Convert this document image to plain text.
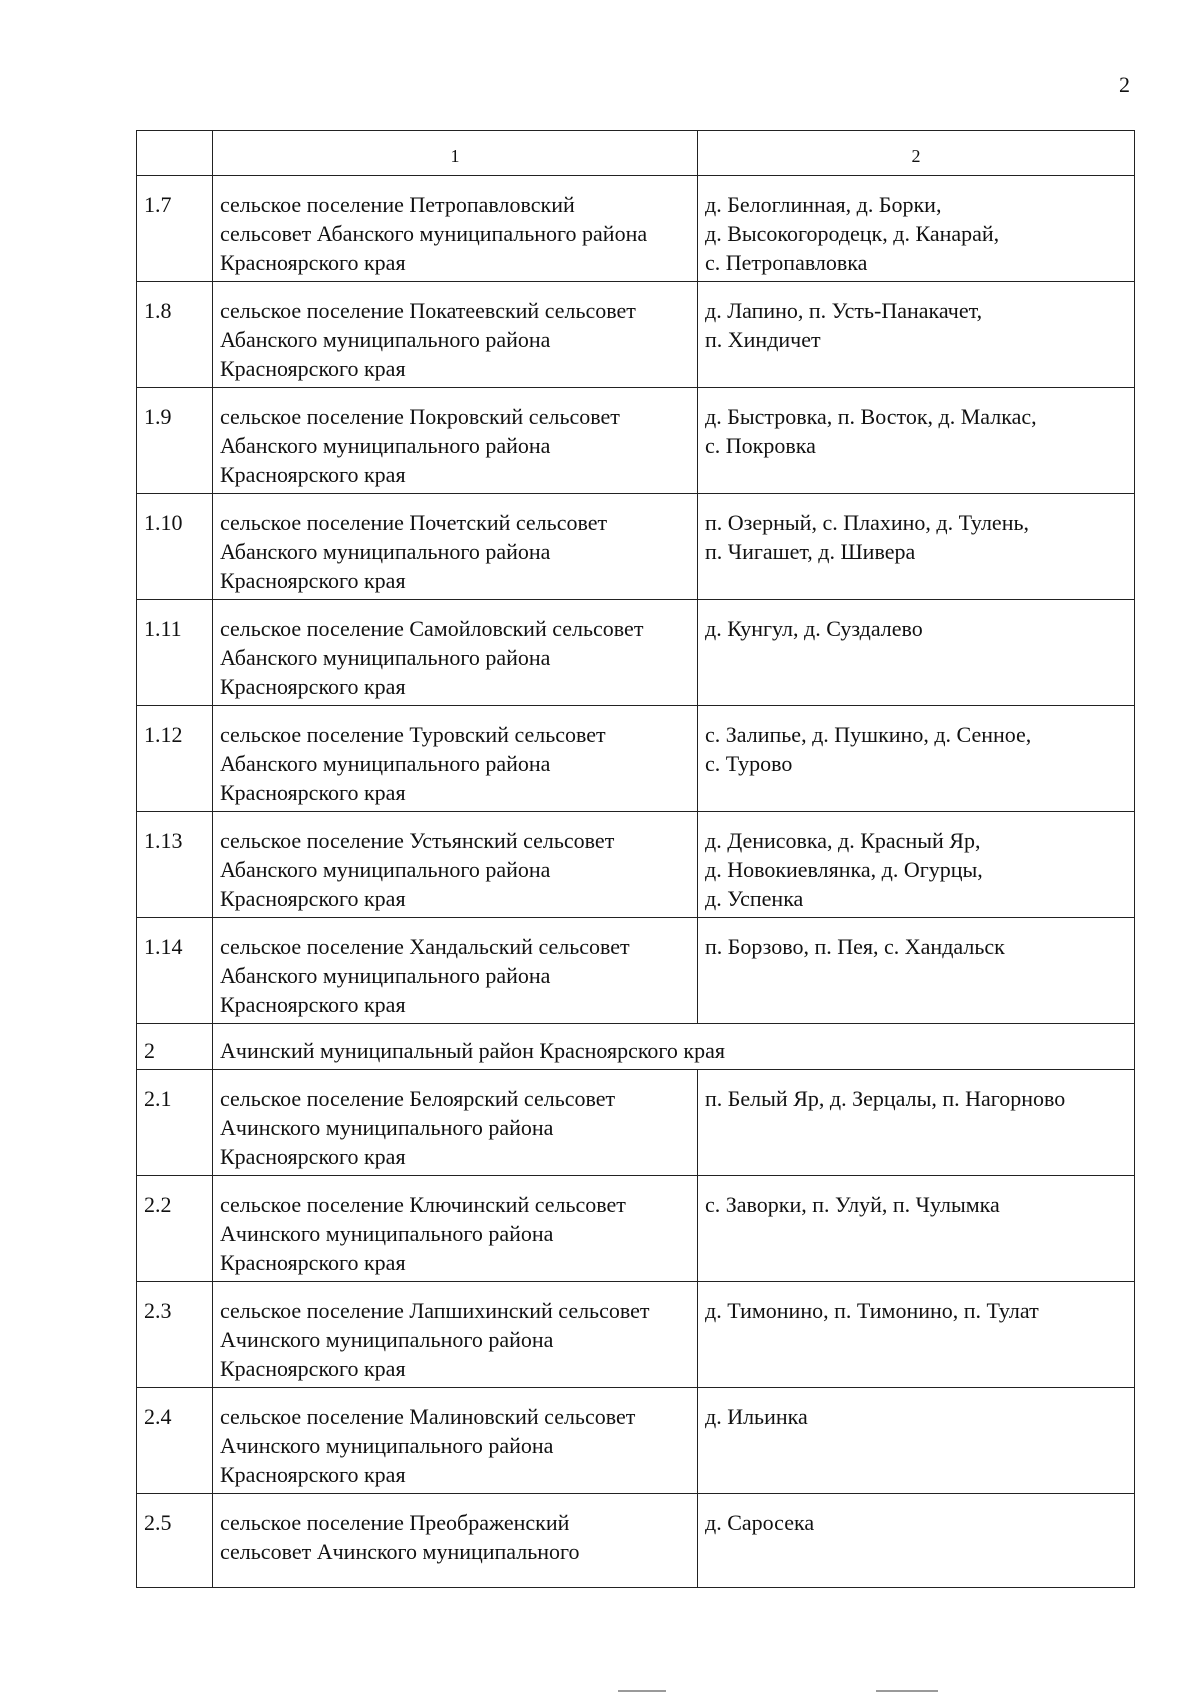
2
	1	2
1.7	сельское поселение Петропавловский
сельсовет Абанского муниципального района
Красноярского края	д. Белоглинная, д. Борки,
д. Высокогородецк, д. Канарай,
с. Петропавловка

1.8	сельское поселение Покатеевский сельсовет
Абанского муниципального района
Красноярского края	д. Лапино, п. Усть-Панакачет,
п. Хиндичет

1.9	сельское поселение Покровский сельсовет
Абанского муниципального района
Красноярского края	д. Быстровка, п. Восток, д. Малкас,
с. Покровка

1.10	сельское поселение Почетский сельсовет
Абанского муниципального района
Красноярского края	п. Озерный, с. Плахино, д. Тулень,
п. Чигашет, д. Шивера

1.11	сельское поселение Самойловский сельсовет
Абанского муниципального района
Красноярского края	д. Кунгул, д. Суздалево

1.12	сельское поселение Туровский сельсовет
Абанского муниципального района
Красноярского края	с. Залипье, д. Пушкино, д. Сенное,
с. Турово

1.13	сельское поселение Устьянский сельсовет
Абанского муниципального района
Красноярского края	д. Денисовка, д. Красный Яр,
д. Новокиевлянка, д. Огурцы,
д. Успенка

1.14	сельское поселение Хандальский сельсовет
Абанского муниципального района
Красноярского края	п. Борзово, п. Пея, с. Хандальск

2	Ачинский муниципальный район Красноярского края	
2.1	сельское поселение Белоярский сельсовет
Ачинского муниципального района
Красноярского края	п. Белый Яр, д. Зерцалы, п. Нагорново

2.2	сельское поселение Ключинский сельсовет
Ачинского муниципального района
Красноярского края	с. Заворки, п. Улуй, п. Чулымка

2.3	сельское поселение Лапшихинский сельсовет
Ачинского муниципального района
Красноярского края	д. Тимонино, п. Тимонино, п. Тулат

2.4	сельское поселение Малиновский сельсовет
Ачинского муниципального района
Красноярского края	д. Ильинка

2.5	сельское поселение Преображенский
сельсовет Ачинского муниципального	д. Саросека
